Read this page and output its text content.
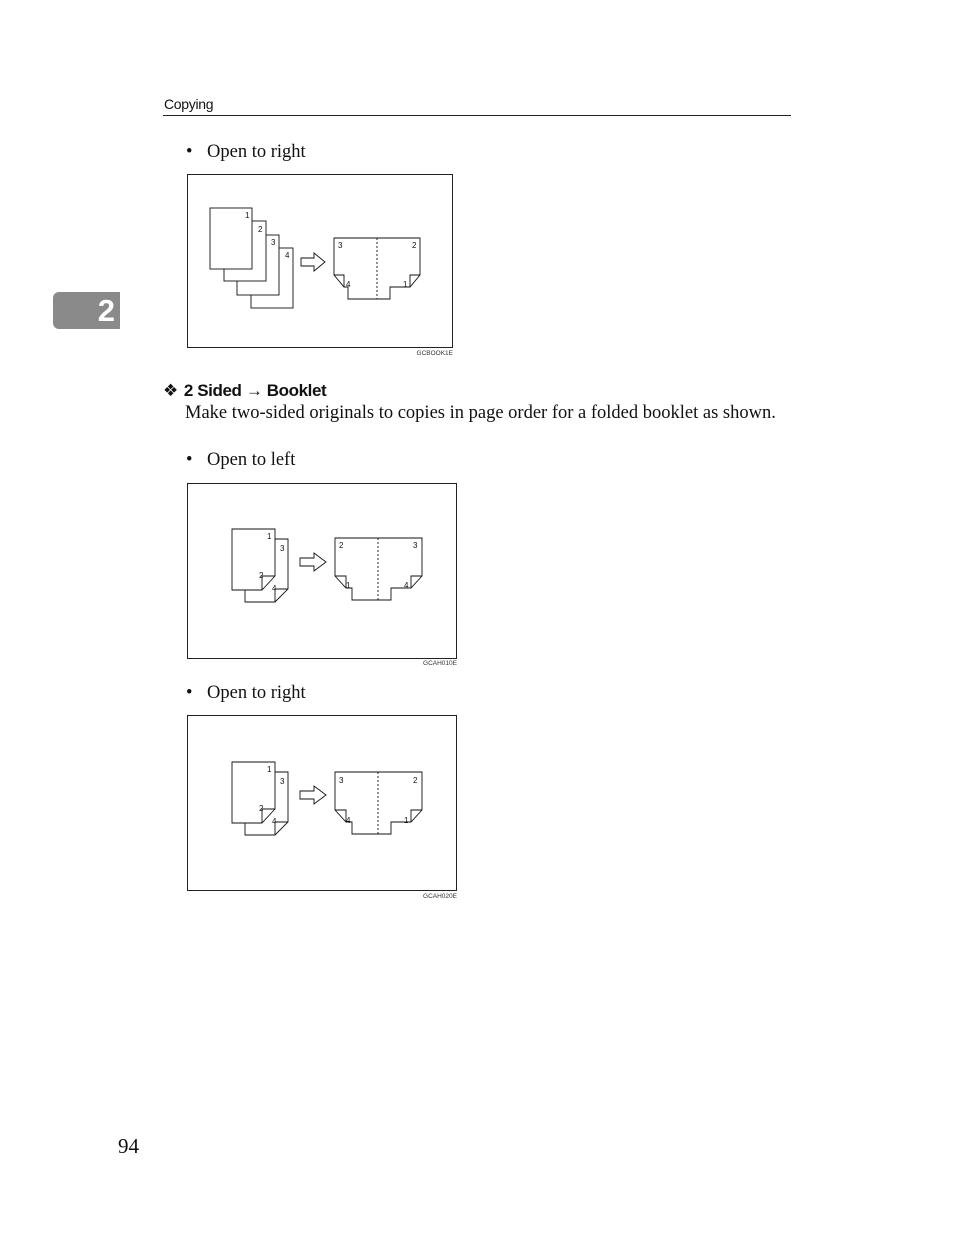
Copying
2
• Open to right
1
2
3
4
3	2
4	1
GCBOOK1E
❖ 2 Sided → Booklet
Make two-sided originals to copies in page order for a folded booklet as shown.
• Open to left
1
2
3
4
2	3
1	4
GCAH010E
• Open to right
1
2
3
4
3	2
4	1
GCAH020E
94
